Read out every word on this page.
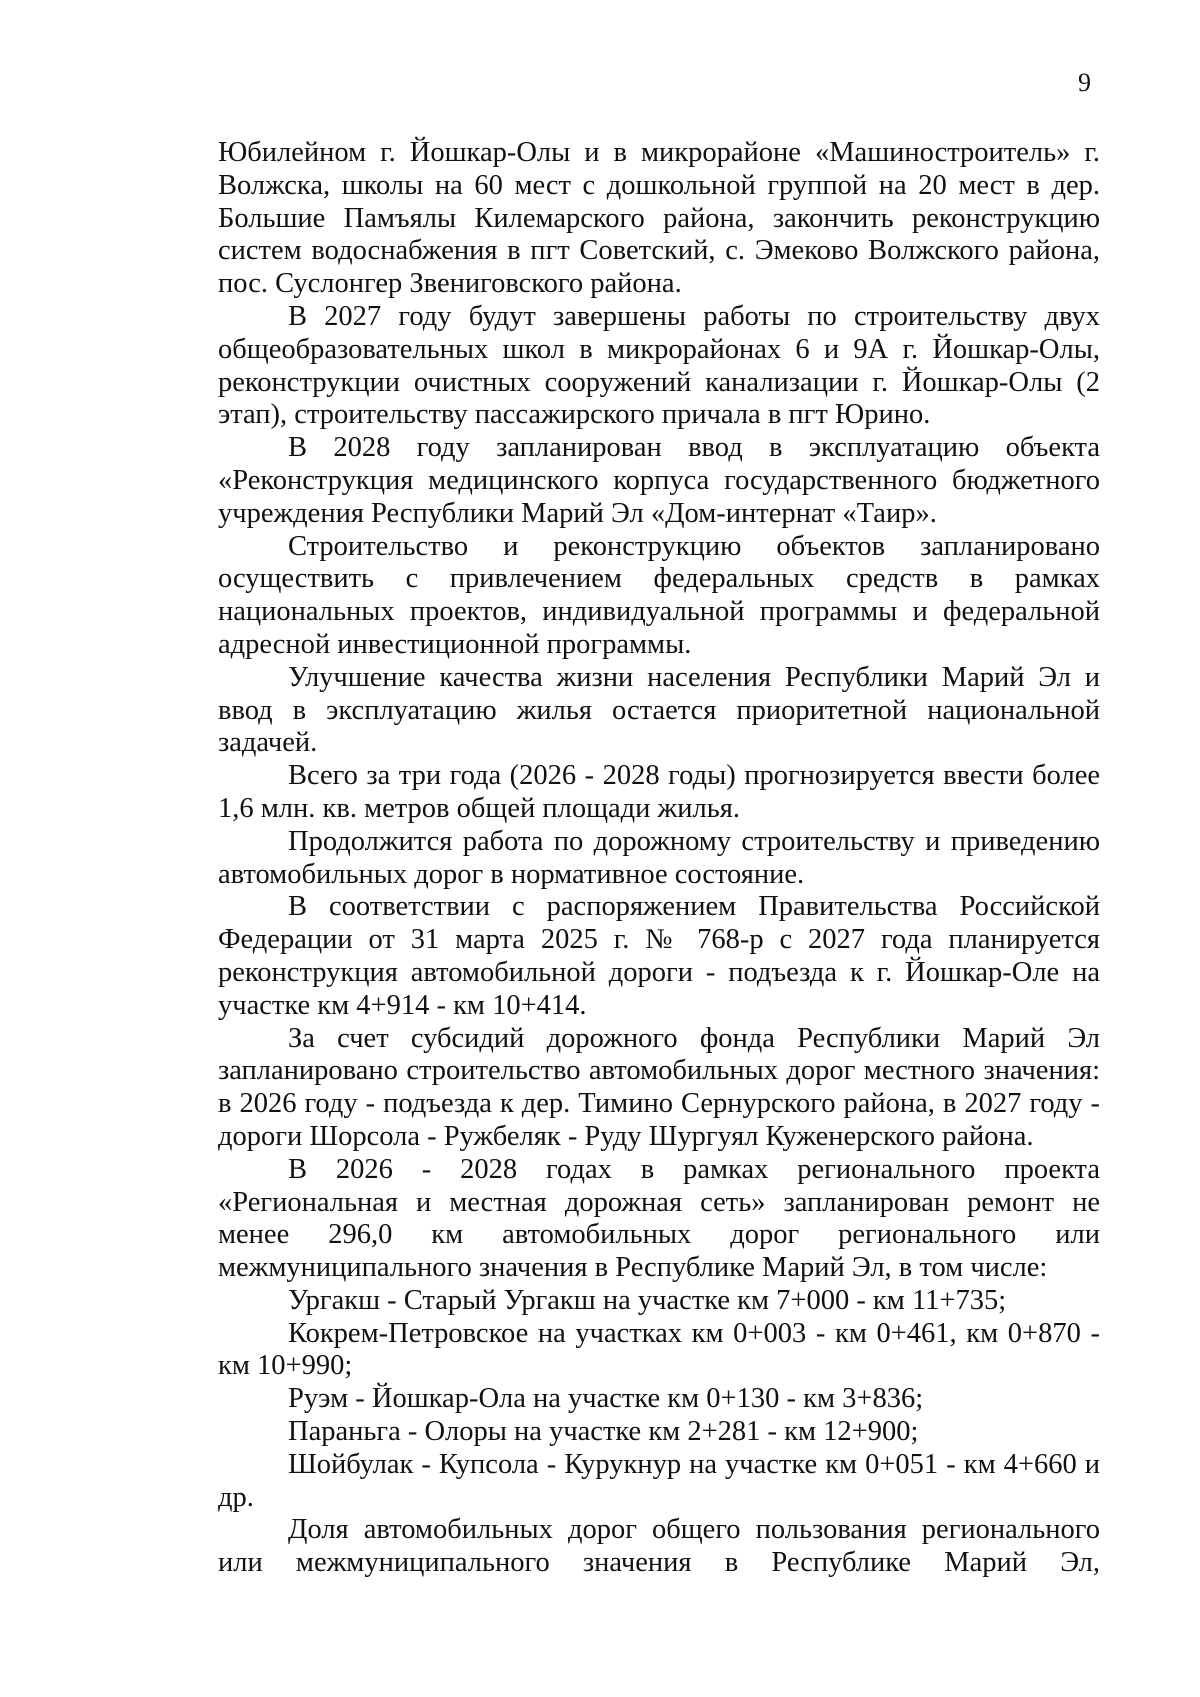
9

Юбилейном г. Йошкар-Олы и в микрорайоне «Машиностроитель» г. Волжска, школы на 60 мест с дошкольной группой на 20 мест в дер. Большие Памъялы Килемарского района, закончить реконструкцию систем водоснабжения в пгт Советский, с. Эмеково Волжского района, пос. Суслонгер Звениговского района.

В 2027 году будут завершены работы по строительству двух общеобразовательных школ в микрорайонах 6 и 9А г. Йошкар-Олы, реконструкции очистных сооружений канализации г. Йошкар-Олы (2 этап), строительству пассажирского причала в пгт Юрино.

В 2028 году запланирован ввод в эксплуатацию объекта «Реконструкция медицинского корпуса государственного бюджетного учреждения Республики Марий Эл «Дом-интернат «Таир».

Строительство и реконструкцию объектов запланировано осуществить с привлечением федеральных средств в рамках национальных проектов, индивидуальной программы и федеральной адресной инвестиционной программы.

Улучшение качества жизни населения Республики Марий Эл и ввод в эксплуатацию жилья остается приоритетной национальной задачей.

Всего за три года (2026 - 2028 годы) прогнозируется ввести более 1,6 млн. кв. метров общей площади жилья.

Продолжится работа по дорожному строительству и приведению автомобильных дорог в нормативное состояние.

В соответствии с распоряжением Правительства Российской Федерации от 31 марта 2025 г. № 768-р с 2027 года планируется реконструкция автомобильной дороги - подъезда к г. Йошкар-Оле на участке км 4+914 - км 10+414.

За счет субсидий дорожного фонда Республики Марий Эл запланировано строительство автомобильных дорог местного значения: в 2026 году - подъезда к дер. Тимино Сернурского района, в 2027 году - дороги Шорсола - Ружбеляк - Руду Шургуял Куженерского района.

В 2026 - 2028 годах в рамках регионального проекта «Региональная и местная дорожная сеть» запланирован ремонт не менее 296,0 км автомобильных дорог регионального или межмуниципального значения в Республике Марий Эл, в том числе:

Ургакш - Старый Ургакш на участке км 7+000 - км 11+735;

Кокрем-Петровское на участках км 0+003 - км 0+461, км 0+870 - км 10+990;

Руэм - Йошкар-Ола на участке км 0+130 - км 3+836;

Параньга - Олоры на участке км 2+281 - км 12+900;

Шойбулак - Купсола - Курукнур на участке км 0+051 - км 4+660 и др.

Доля автомобильных дорог общего пользования регионального или межмуниципального значения в Республике Марий Эл,
